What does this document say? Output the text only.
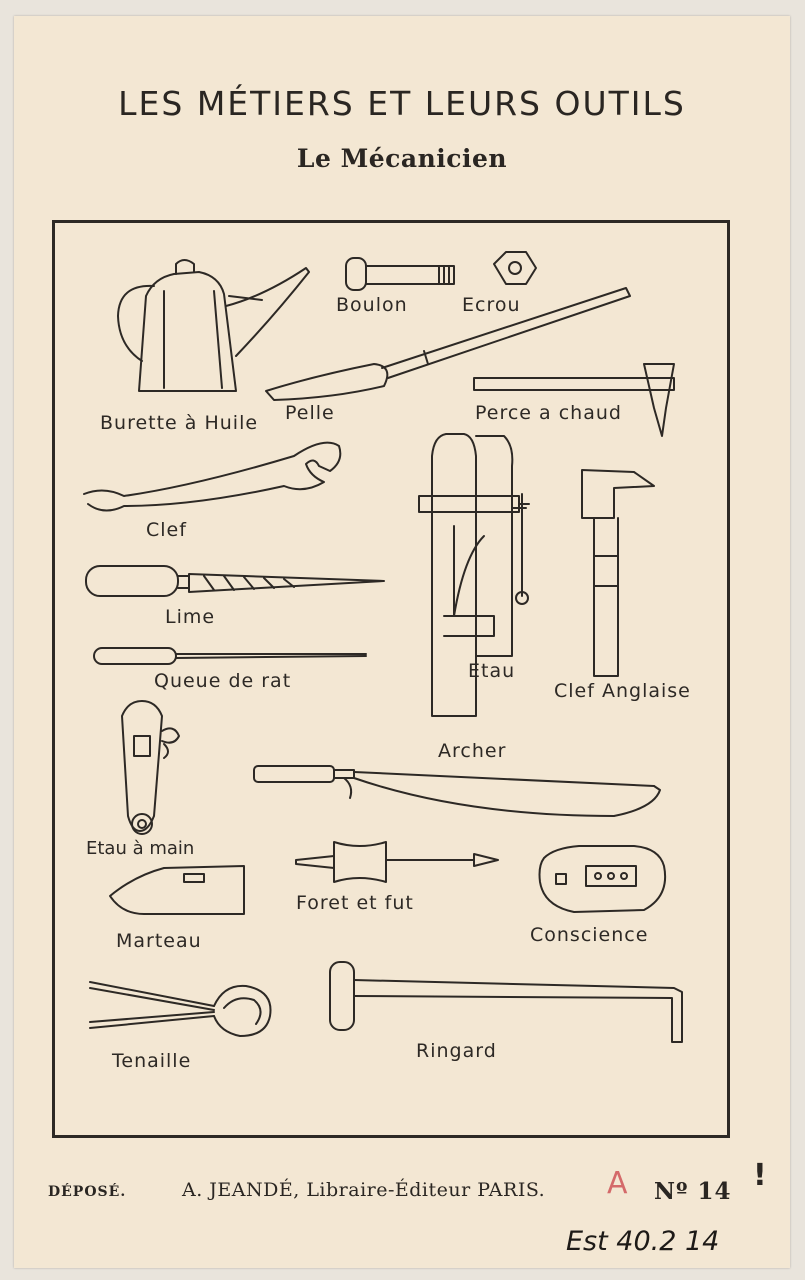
LES MÉTIERS ET LEURS OUTILS
Le Mécanicien
Burette à Huile
Boulon	Ecrou
Pelle	Perce a chaud
Clef
Lime
Queue de rat	Etau
Clef Anglaise
Archer
Etau à main
Marteau
Foret et fut
Conscience
Tenaille	Ringard
DÉPOSÉ.	A. JEANDÉ, Libraire-Éditeur PARIS. A Nº 14 !
Est 40.2 14
